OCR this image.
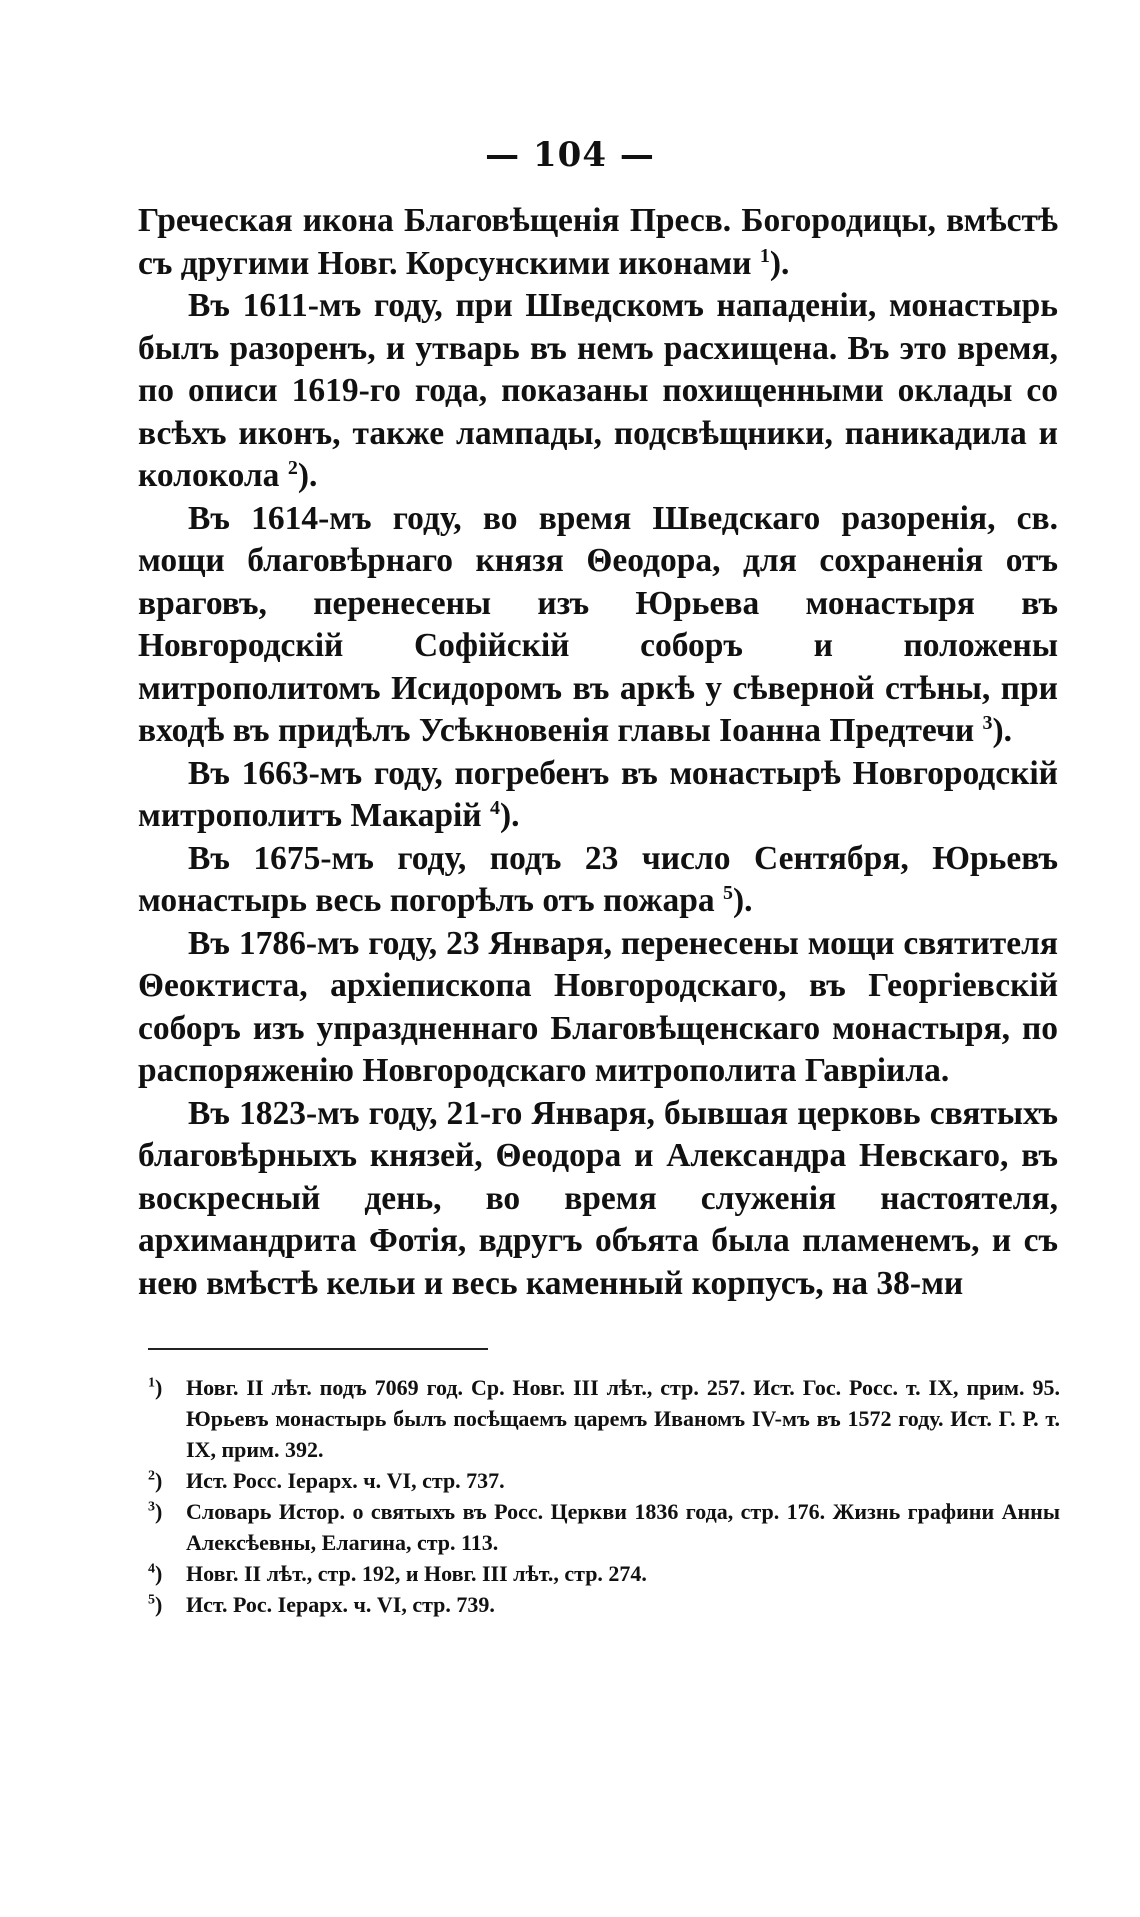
— 104 —

Греческая икона Благовѣщенія Пресв. Богородицы, вмѣстѣ съ другими Новг. Корсунскими иконами $^1$).

Въ 1611-мъ году, при Шведскомъ нападеніи, монастырь былъ разоренъ, и утварь въ немъ расхищена. Въ это время, по описи 1619-го года, показаны похищенными оклады со всѣхъ иконъ, также лампады, подсвѣщники, паникадила и колокола $^2$).

Въ 1614-мъ году, во время Шведскаго разоренія, св. мощи благовѣрнаго князя Θеодора, для сохраненія отъ враговъ, перенесены изъ Юрьева монастыря въ Новгородскій Софійскій соборъ и положены митрополитомъ Исидоромъ въ аркѣ у сѣверной стѣны, при входѣ въ придѣлъ Усѣкновенія главы Іоанна Предтечи $^3$).

Въ 1663-мъ году, погребенъ въ монастырѣ Новгородскій митрополитъ Макарій $^4$).

Въ 1675-мъ году, подъ 23 число Сентября, Юрьевъ монастырь весь погорѣлъ отъ пожара $^5$).

Въ 1786-мъ году, 23 Января, перенесены мощи святителя Θеоктиста, архіепископа Новгородскаго, въ Георгіевскій соборъ изъ упраздненнаго Благовѣщенскаго монастыря, по распоряженію Новгородскаго митрополита Гавріила.

Въ 1823-мъ году, 21-го Января, бывшая церковь святыхъ благовѣрныхъ князей, Θеодора и Александра Невскаго, въ воскресный день, во время служенія настоятеля, архимандрита Фотія, вдругъ объята была пламенемъ, и съ нею вмѣстѣ кельи и весь каменный корпусъ, на 38-ми

$^1$) Новг. II лѣт. подъ 7069 год. Ср. Новг. III лѣт., стр. 257. Ист. Гос. Росс. т. IX, прим. 95. Юрьевъ монастырь былъ посѣщаемъ царемъ Иваномъ IV-мъ въ 1572 году. Ист. Г. Р. т. IX, прим. 392.

$^2$) Ист. Росс. Іерарх. ч. VI, стр. 737.

$^3$) Словарь Истор. о святыхъ въ Росс. Церкви 1836 года, стр. 176. Жизнь графини Анны Алексѣевны, Елагина, стр. 113.

$^4$) Новг. II лѣт., стр. 192, и Новг. III лѣт., стр. 274.

$^5$) Ист. Рос. Іерарх. ч. VI, стр. 739.
